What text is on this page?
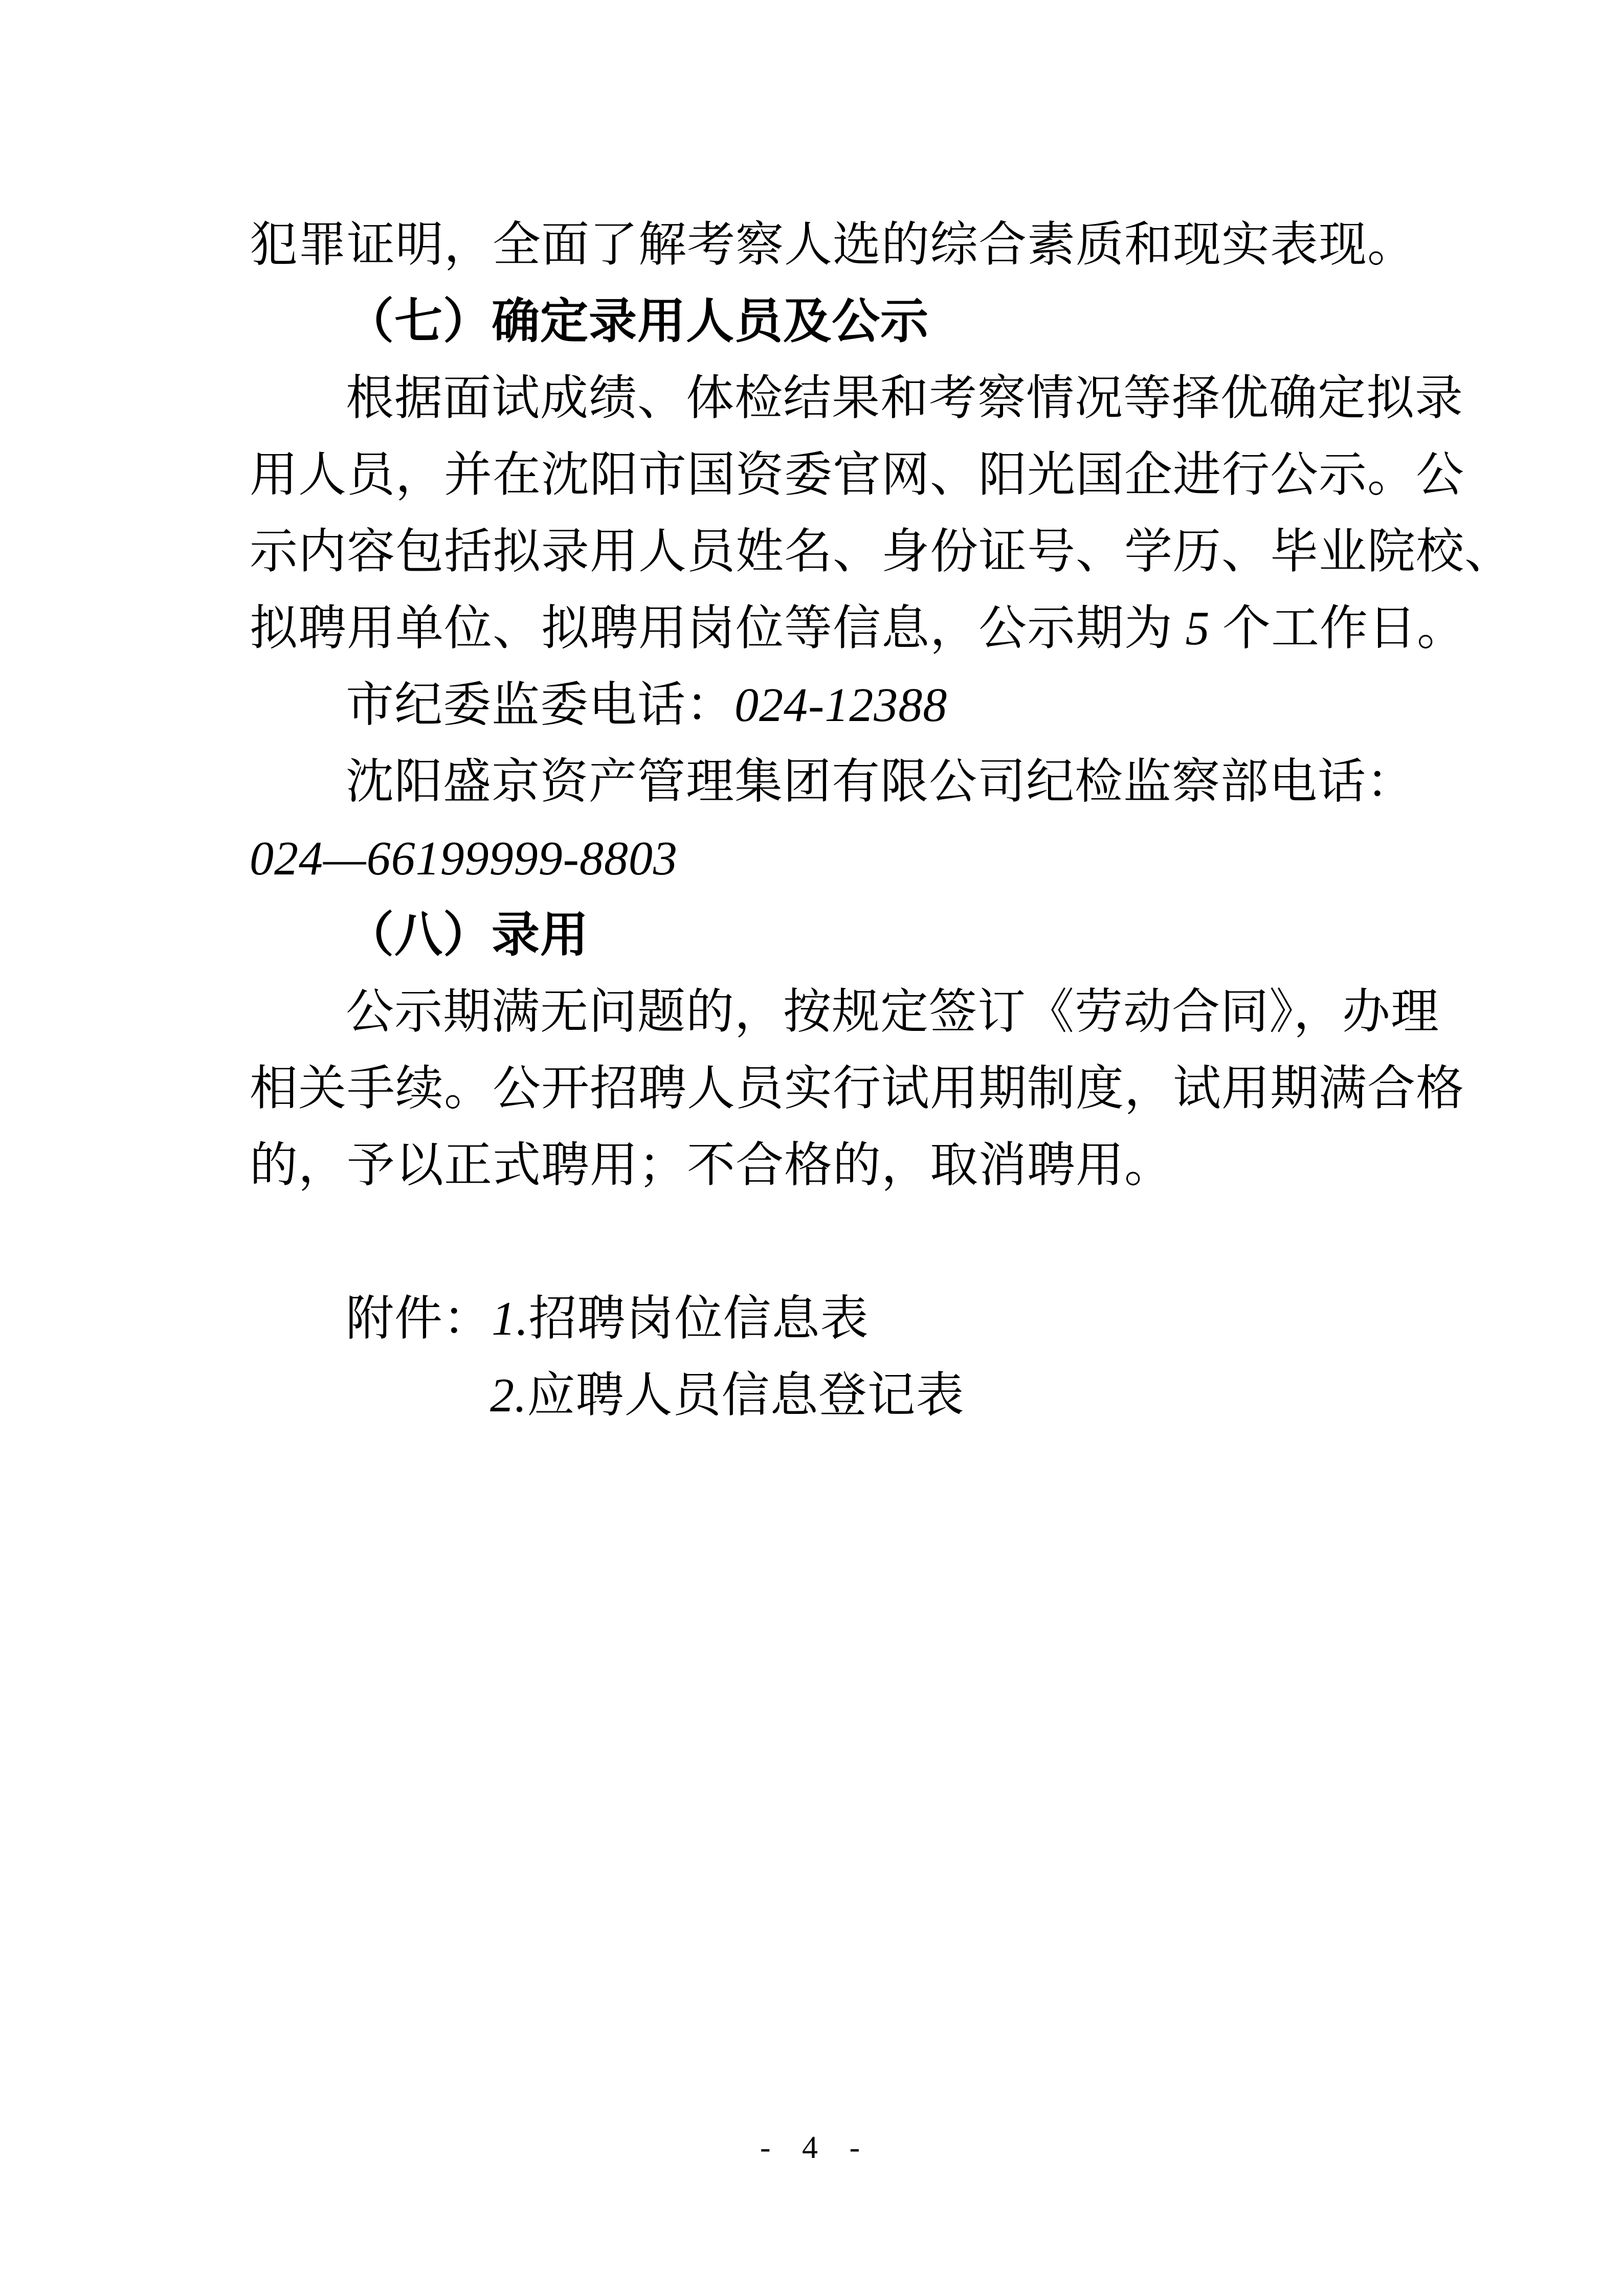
犯罪证明，全面了解考察人选的综合素质和现实表现。
（七）确定录用人员及公示
根据面试成绩、体检结果和考察情况等择优确定拟录
用人员，并在沈阳市国资委官网、阳光国企进行公示。公
示内容包括拟录用人员姓名、身份证号、学历、毕业院校、
拟聘用单位、拟聘用岗位等信息，公示期为 5 个工作日。
市纪委监委电话：024-12388
沈阳盛京资产管理集团有限公司纪检监察部电话：
024—66199999-8803
（八）录用
公示期满无问题的，按规定签订《劳动合同》，办理
相关手续。公开招聘人员实行试用期制度，试用期满合格
的，予以正式聘用；不合格的，取消聘用。
附件：1.招聘岗位信息表
2.应聘人员信息登记表
- 4 -
